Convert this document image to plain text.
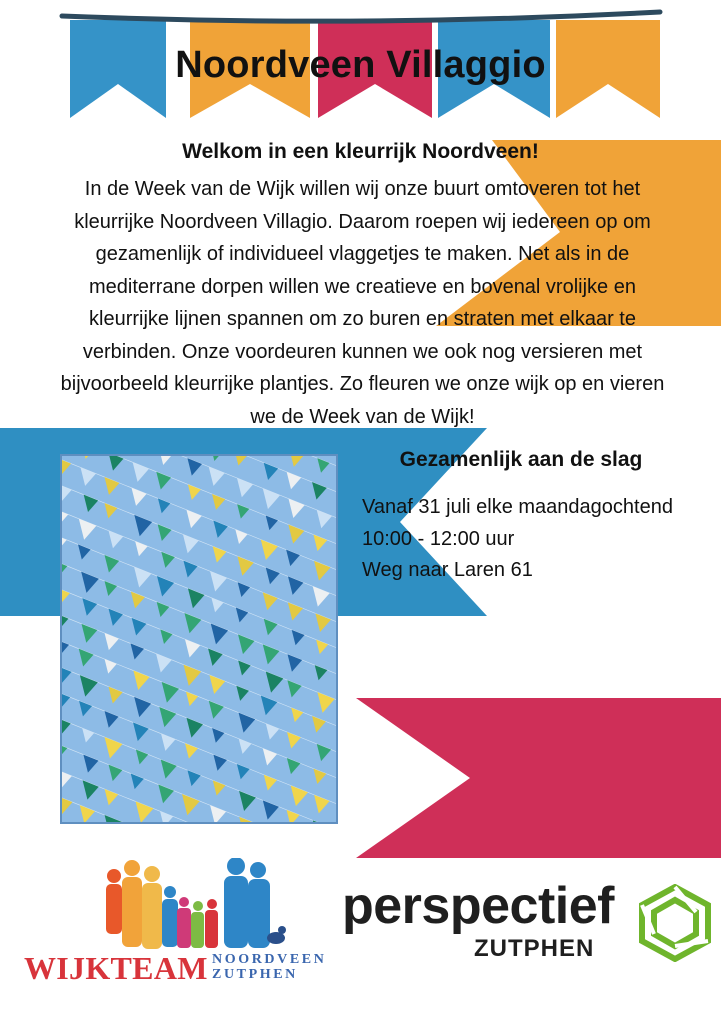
Noordveen Villaggio
Welkom in een kleurrijk Noordveen!
In de Week van de Wijk willen wij onze buurt omtoveren tot het
kleurrijke Noordveen Villagio. Daarom roepen wij iedereen op om
gezamenlijk of individueel vlaggetjes te maken. Net als in de
mediterrane dorpen willen we creatieve en bovenal vrolijke en
kleurrijke lijnen spannen om zo buren en straten met elkaar te
verbinden. Onze voordeuren kunnen we ook nog versieren met
bijvoorbeeld kleurrijke plantjes. Zo fleuren we onze wijk op en vieren
we de Week van de Wijk!
Gezamenlijk aan de slag
Vanaf 31 juli elke maandagochtend
10:00 - 12:00 uur
Weg naar Laren 61
WIJKTEAM NOORDVEEN
ZUTPHEN
perspectief
ZUTPHEN
